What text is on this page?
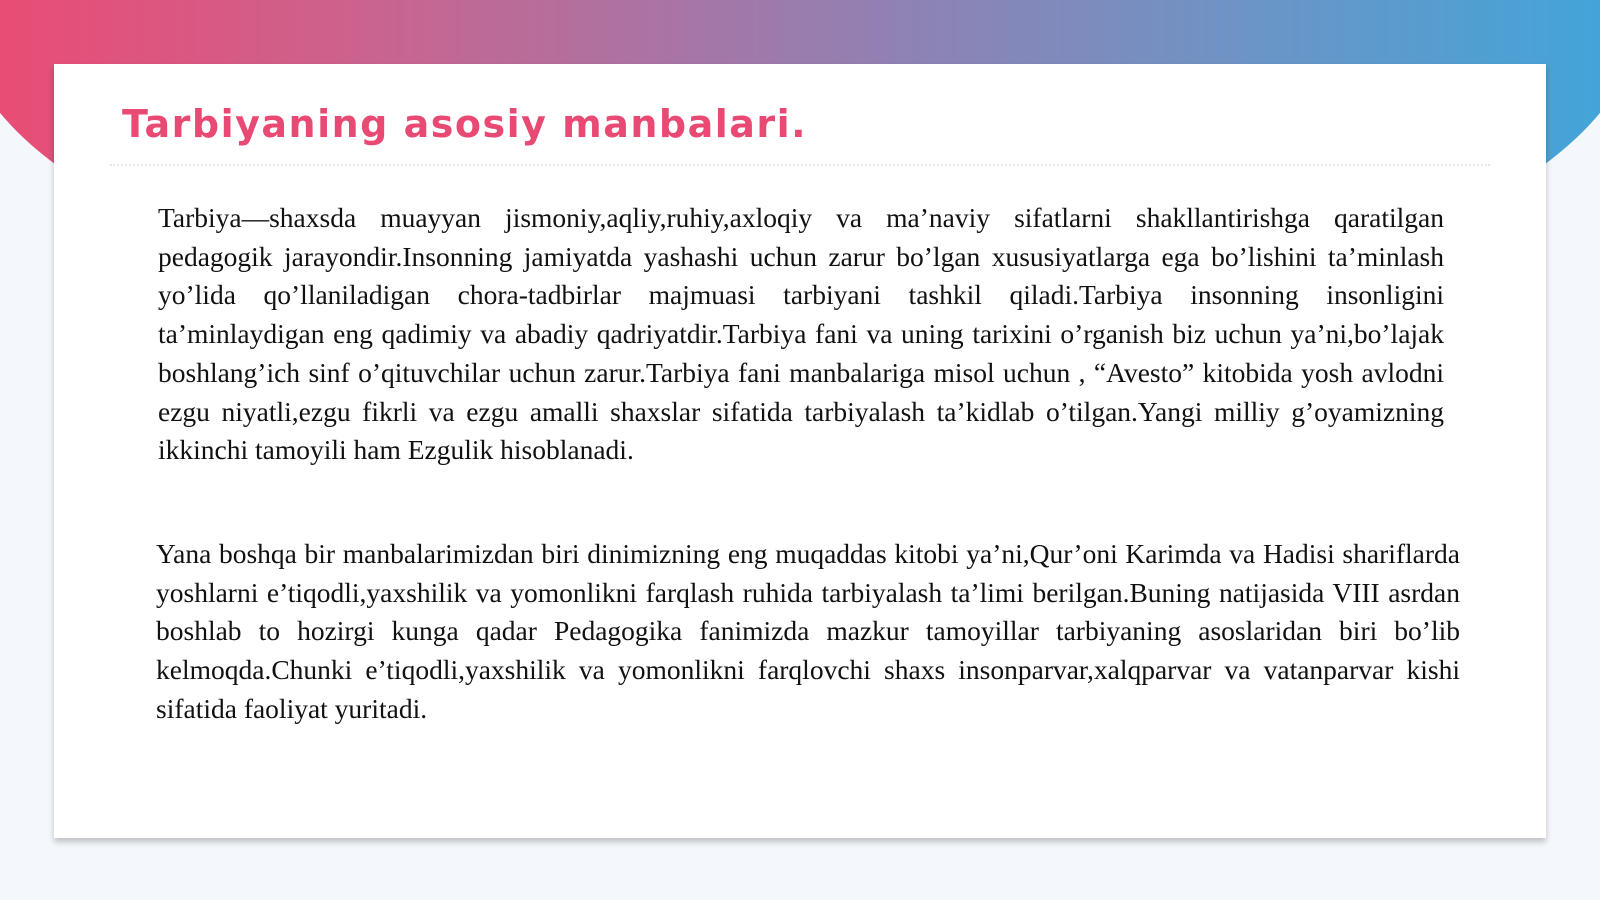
Tarbiyaning asosiy manbalari.

Tarbiya—shaxsda muayyan jismoniy,aqliy,ruhiy,axloqiy va ma’naviy sifatlarni shakllantirishga qaratilgan pedagogik jarayondir.Insonning jamiyatda yashashi uchun zarur bo’lgan xususiyatlarga ega bo’lishini ta’minlash yo’lida qo’llaniladigan chora-tadbirlar majmuasi tarbiyani tashkil qiladi.Tarbiya insonning insonligini ta’minlaydigan eng qadimiy va abadiy qadriyatdir.Tarbiya fani va uning tarixini o’rganish biz uchun ya’ni,bo’lajak boshlang’ich sinf o’qituvchilar uchun zarur.Tarbiya fani manbalariga misol uchun , “Avesto” kitobida yosh avlodni ezgu niyatli,ezgu fikrli va ezgu amalli shaxslar sifatida tarbiyalash ta’kidlab o’tilgan.Yangi milliy g’oyamizning ikkinchi tamoyili ham Ezgulik hisoblanadi.

Yana boshqa bir manbalarimizdan biri dinimizning eng muqaddas kitobi ya’ni,Qur’oni Karimda va Hadisi shariflarda yoshlarni e’tiqodli,yaxshilik va yomonlikni farqlash ruhida tarbiyalash ta’limi berilgan.Buning natijasida VIII asrdan boshlab to hozirgi kunga qadar Pedagogika fanimizda mazkur tamoyillar tarbiyaning asoslaridan biri bo’lib kelmoqda.Chunki e’tiqodli,yaxshilik va yomonlikni farqlovchi shaxs insonparvar,xalqparvar va vatanparvar kishi sifatida faoliyat yuritadi.
